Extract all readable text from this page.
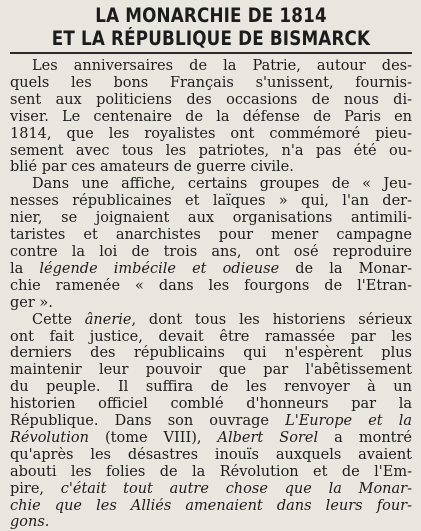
LA MONARCHIE DE 1814
ET LA RÉPUBLIQUE DE BISMARCK
Les anniversaires de la Patrie, autour des-
quels les bons Français s'unissent, fournis-
sent aux politiciens des occasions de nous di-
viser. Le centenaire de la défense de Paris en
1814, que les royalistes ont commémoré pieu-
sement avec tous les patriotes, n'a pas été ou-
blié par ces amateurs de guerre civile.
Dans une affiche, certains groupes de « Jeu-
nesses républicaines et laïques » qui, l'an der-
nier, se joignaient aux organisations antimili-
taristes et anarchistes pour mener campagne
contre la loi de trois ans, ont osé reproduire
la légende imbécile et odieuse de la Monar-
chie ramenée « dans les fourgons de l'Étran-
ger ».
Cette ânerie, dont tous les historiens sérieux
ont fait justice, devait être ramassée par les
derniers des républicains qui n'espèrent plus
maintenir leur pouvoir que par l'abêtissement
du peuple. Il suffira de les renvoyer à un
historien officiel comblé d'honneurs par la
République. Dans son ouvrage L'Europe et la
Révolution (tome VIII), Albert Sorel a montré
qu'après les désastres inouïs auxquels avaient
abouti les folies de la Révolution et de l'Em-
pire, c'était tout autre chose que la Monar-
chie que les Alliés amenaient dans leurs four-
gons.
